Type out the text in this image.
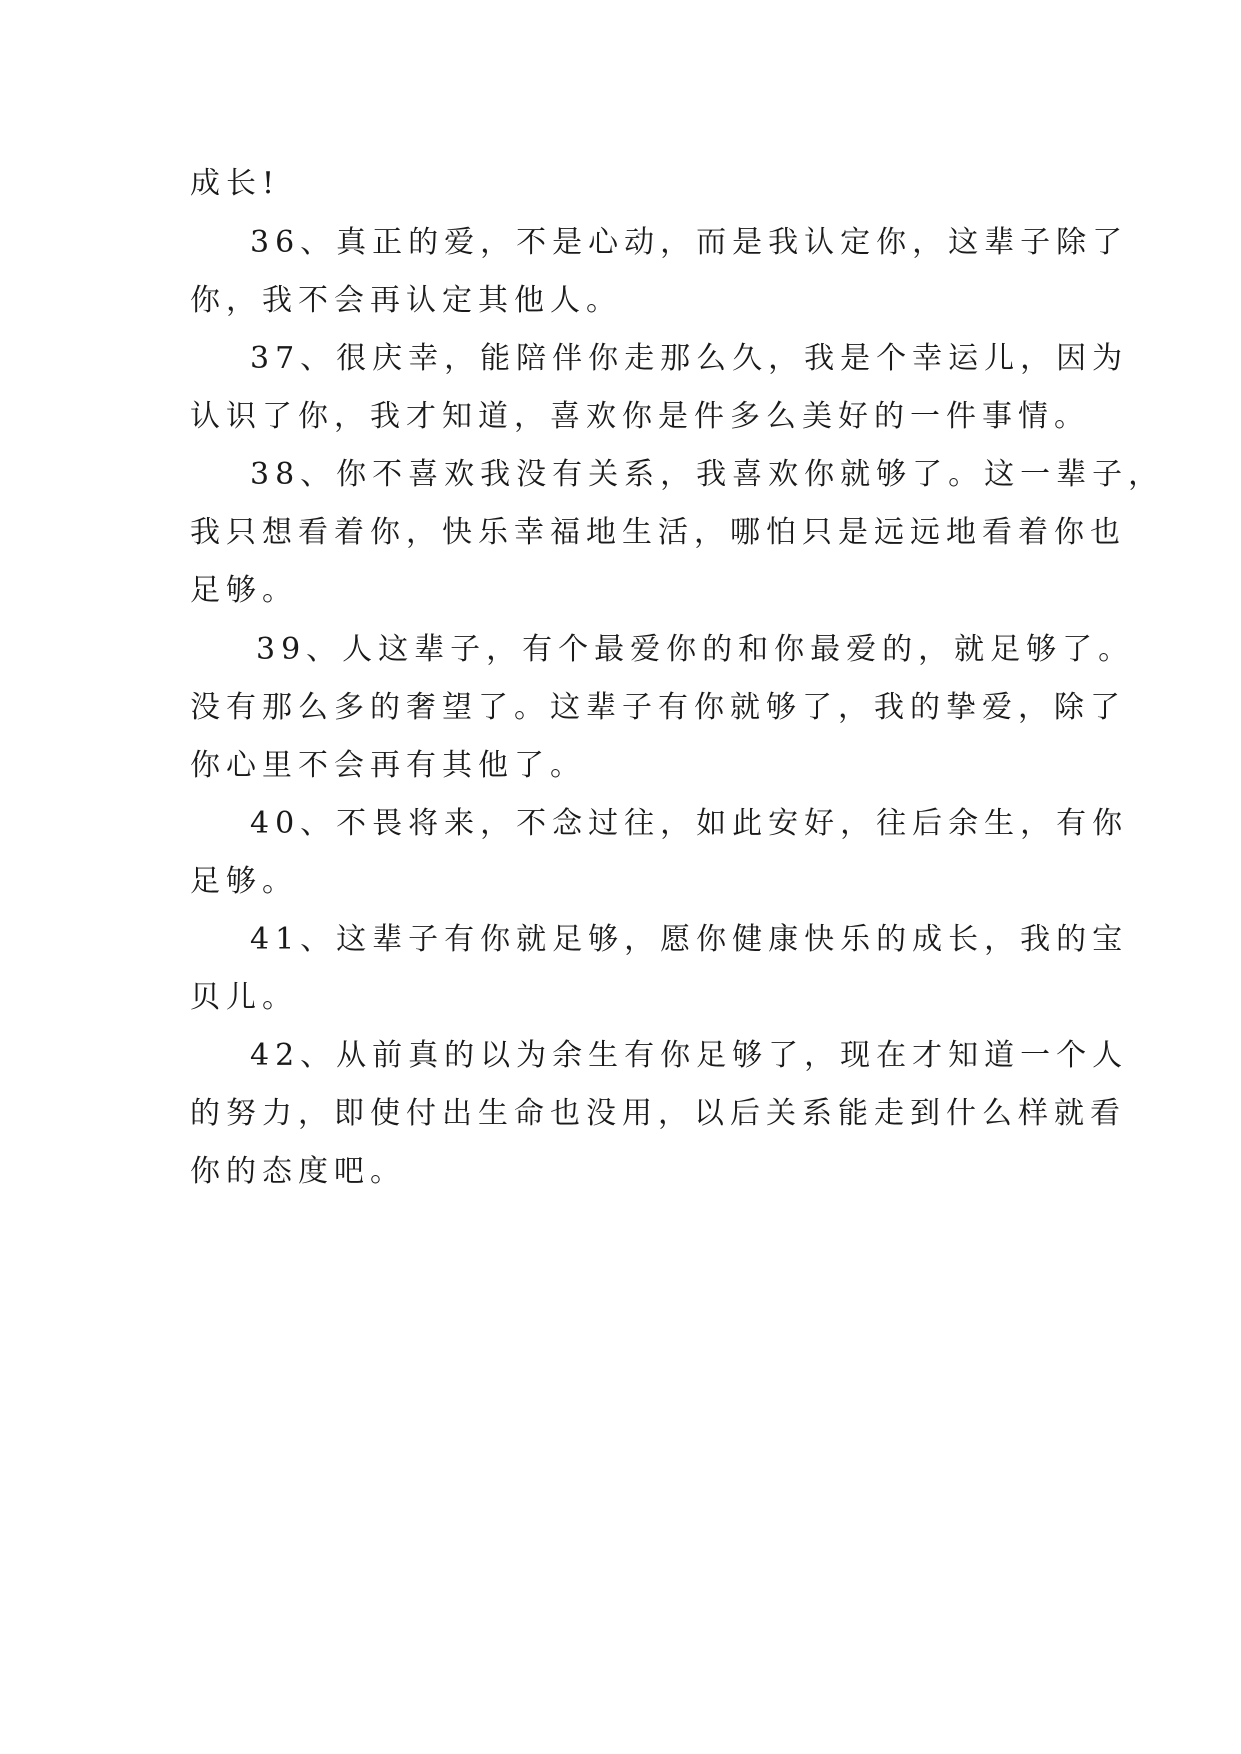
成长!
36、真正的爱，不是心动，而是我认定你，这辈子除了
你，我不会再认定其他人。
37、很庆幸，能陪伴你走那么久，我是个幸运儿，因为
认识了你，我才知道，喜欢你是件多么美好的一件事情。
38、你不喜欢我没有关系，我喜欢你就够了。这一辈子，
我只想看着你，快乐幸福地生活，哪怕只是远远地看着你也
足够。
39、人这辈子，有个最爱你的和你最爱的，就足够了。
没有那么多的奢望了。这辈子有你就够了，我的挚爱，除了
你心里不会再有其他了。
40、不畏将来，不念过往，如此安好，往后余生，有你
足够。
41、这辈子有你就足够，愿你健康快乐的成长，我的宝
贝儿。
42、从前真的以为余生有你足够了，现在才知道一个人
的努力，即使付出生命也没用，以后关系能走到什么样就看
你的态度吧。
